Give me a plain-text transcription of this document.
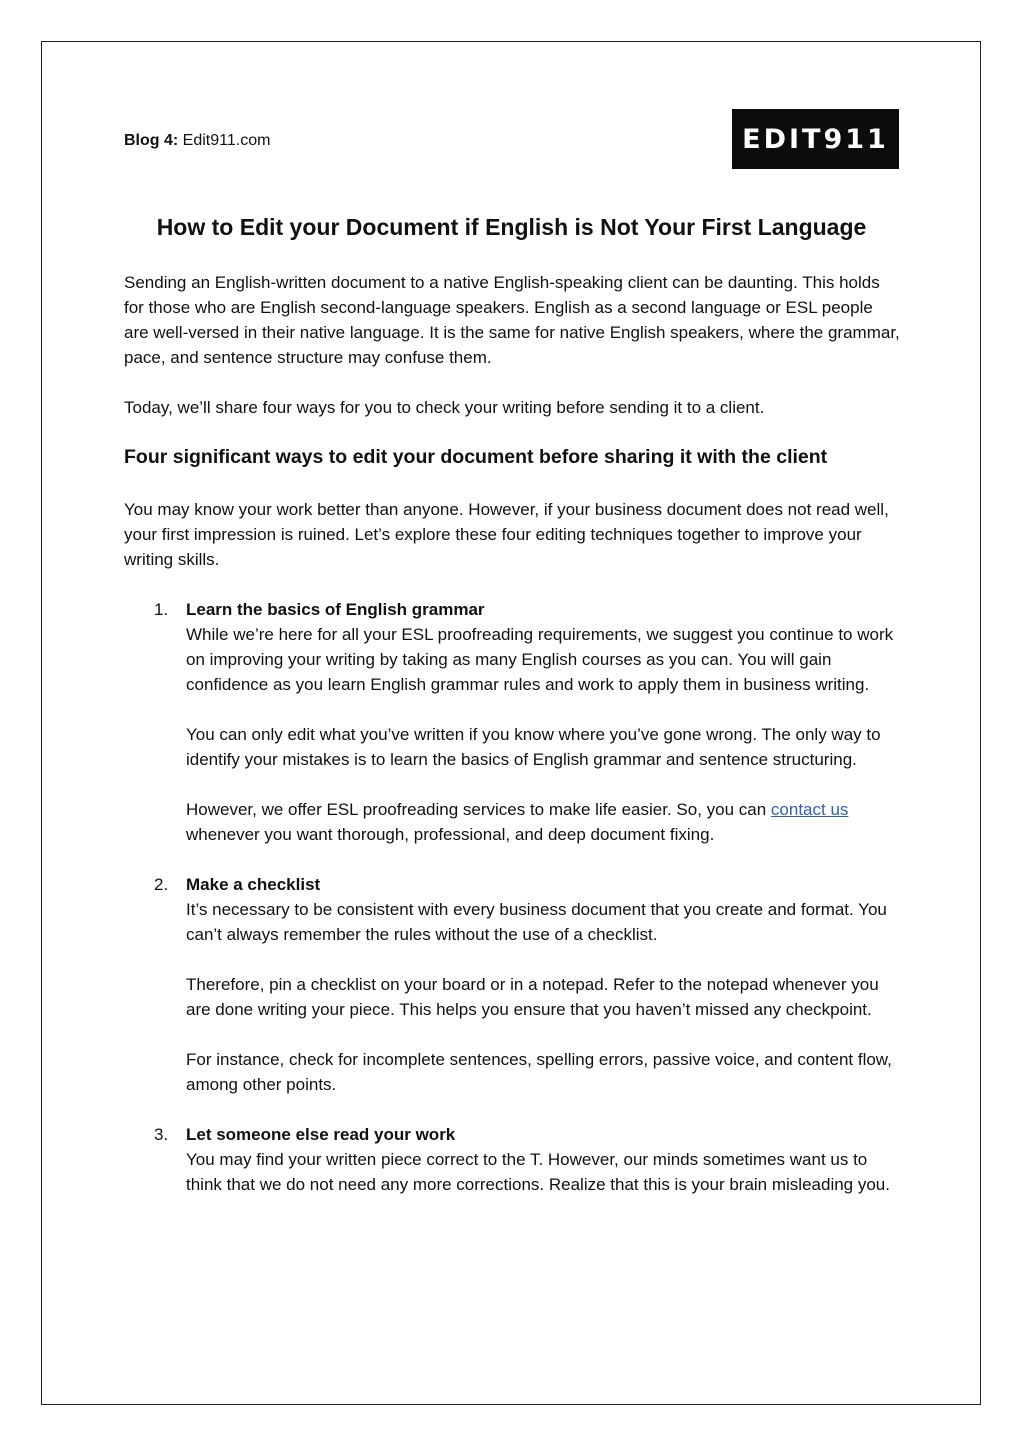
Blog 4: Edit911.com	EDIT911
How to Edit your Document if English is Not Your First Language

Sending an English-written document to a native English-speaking client can be daunting. This holds for those who are English second-language speakers. English as a second language or ESL people are well-versed in their native language. It is the same for native English speakers, where the grammar, pace, and sentence structure may confuse them.

Today, we’ll share four ways for you to check your writing before sending it to a client.

Four significant ways to edit your document before sharing it with the client

You may know your work better than anyone. However, if your business document does not read well, your first impression is ruined. Let’s explore these four editing techniques together to improve your writing skills.

1. Learn the basics of English grammar

While we’re here for all your ESL proofreading requirements, we suggest you continue to work on improving your writing by taking as many English courses as you can. You will gain confidence as you learn English grammar rules and work to apply them in business writing.

You can only edit what you’ve written if you know where you’ve gone wrong. The only way to identify your mistakes is to learn the basics of English grammar and sentence structuring.

However, we offer ESL proofreading services to make life easier. So, you can contact us whenever you want thorough, professional, and deep document fixing.

2. Make a checklist

It’s necessary to be consistent with every business document that you create and format. You can’t always remember the rules without the use of a checklist.

Therefore, pin a checklist on your board or in a notepad. Refer to the notepad whenever you are done writing your piece. This helps you ensure that you haven’t missed any checkpoint.

For instance, check for incomplete sentences, spelling errors, passive voice, and content flow, among other points.

3. Let someone else read your work

You may find your written piece correct to the T. However, our minds sometimes want us to think that we do not need any more corrections. Realize that this is your brain misleading you.
